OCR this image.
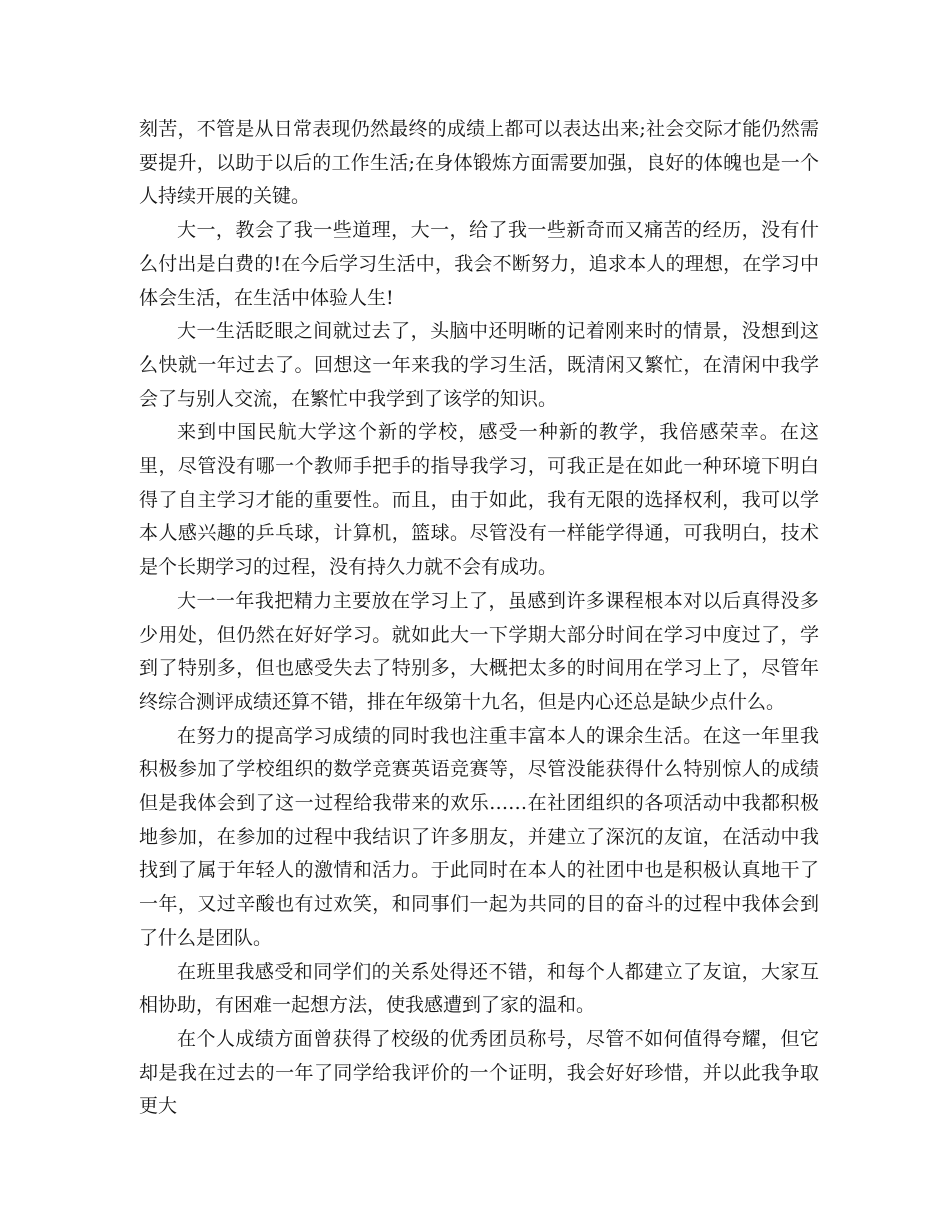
刻苦，不管是从日常表现仍然最终的成绩上都可以表达出来;社会交际才能仍然需要提升，以助于以后的工作生活;在身体锻炼方面需要加强，良好的体魄也是一个人持续开展的关键。

大一，教会了我一些道理，大一，给了我一些新奇而又痛苦的经历，没有什么付出是白费的!在今后学习生活中，我会不断努力，追求本人的理想，在学习中体会生活，在生活中体验人生!

大一生活眨眼之间就过去了，头脑中还明晰的记着刚来时的情景，没想到这么快就一年过去了。回想这一年来我的学习生活，既清闲又繁忙，在清闲中我学会了与别人交流，在繁忙中我学到了该学的知识。

来到中国民航大学这个新的学校，感受一种新的教学，我倍感荣幸。在这里，尽管没有哪一个教师手把手的指导我学习，可我正是在如此一种环境下明白得了自主学习才能的重要性。而且，由于如此，我有无限的选择权利，我可以学本人感兴趣的乒乓球，计算机，篮球。尽管没有一样能学得通，可我明白，技术是个长期学习的过程，没有持久力就不会有成功。

大一一年我把精力主要放在学习上了，虽感到许多课程根本对以后真得没多少用处，但仍然在好好学习。就如此大一下学期大部分时间在学习中度过了，学到了特别多，但也感受失去了特别多，大概把太多的时间用在学习上了，尽管年终综合测评成绩还算不错，排在年级第十九名，但是内心还总是缺少点什么。

在努力的提高学习成绩的同时我也注重丰富本人的课余生活。在这一年里我积极参加了学校组织的数学竞赛英语竞赛等，尽管没能获得什么特别惊人的成绩但是我体会到了这一过程给我带来的欢乐……在社团组织的各项活动中我都积极地参加，在参加的过程中我结识了许多朋友，并建立了深沉的友谊，在活动中我找到了属于年轻人的激情和活力。于此同时在本人的社团中也是积极认真地干了一年，又过辛酸也有过欢笑，和同事们一起为共同的目的奋斗的过程中我体会到了什么是团队。

在班里我感受和同学们的关系处得还不错，和每个人都建立了友谊，大家互相协助，有困难一起想方法，使我感遭到了家的温和。

在个人成绩方面曾获得了校级的优秀团员称号，尽管不如何值得夸耀，但它却是我在过去的一年了同学给我评价的一个证明，我会好好珍惜，并以此我争取更大
